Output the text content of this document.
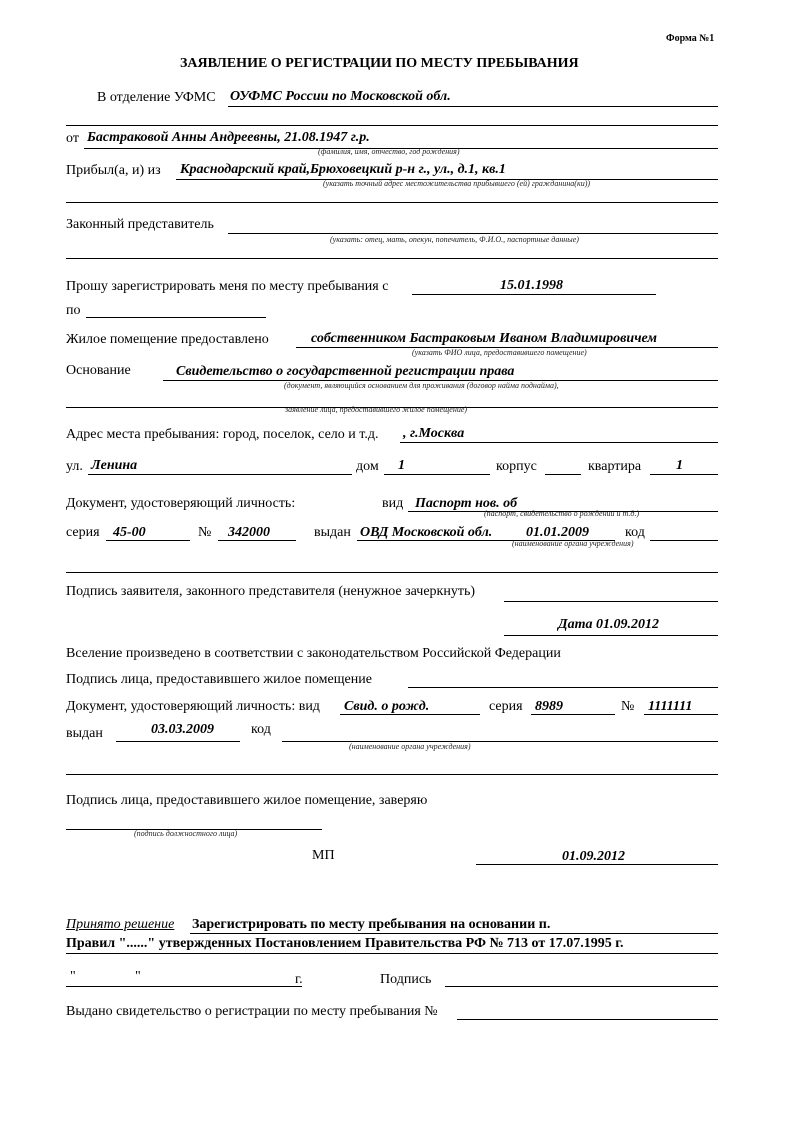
Форма №1
ЗАЯВЛЕНИЕ О РЕГИСТРАЦИИ ПО МЕСТУ ПРЕБЫВАНИЯ
В отделение УФМС ОУФМС России по Московской обл.
от Бастраковой Анны Андреевны, 21.08.1947 г.р.
(фамилия, имя, отчество, год рождения)
Прибыл(а, и) из Краснодарский край,Брюховецкий р-н г., ул., д.1, кв.1
(указать точный адрес местожительства прибывшего (ей) гражданина(ки))
Законный представитель
(указать: отец, мать, опекун, попечитель, Ф.И.О., паспортные данные)
Прошу зарегистрировать меня по месту пребывания с	15.01.1998
по
Жилое помещение предоставлено	собственником Бастраковым Иваном Владимировичем
(указать ФИО лица, предоставившего помещение)
Основание	Свидетельство о государственной регистрации права
(документ, являющийся основанием для проживания (договор найма поднайма),
заявление лица, предоставившего жилое помещение)
Адрес места пребывания: город, поселок, село и т.д. , г.Москва
ул. Ленина	дом 1	корпус	квартира 1
Документ, удостоверяющий личность:	вид Паспорт нов. об
(паспорт, свидетельство о рождении и т.д.)
серия 45-00	№ 342000	выдан ОВД Московской обл. 01.01.2009	код
(наименование органа учреждения)
Подпись заявителя, законного представителя (ненужное зачеркнуть)
Дата 01.09.2012
Вселение произведено в соответствии с законодательством Российской Федерации
Подпись лица, предоставившего жилое помещение
Документ, удостоверяющий личность: вид Свид. о рожд.	серия 8989	№ 1111111
выдан	03.03.2009	код
(наименование органа учреждения)
Подпись лица, предоставившего жилое помещение, заверяю
(подпись должностного лица)
МП	01.09.2012
Принято решение Зарегистрировать по месту пребывания на основании п.
Правил "......" утвержденных Постановлением Правительства РФ № 713 от 17.07.1995 г.
"	"	г.	Подпись
Выдано свидетельство о регистрации по месту пребывания №
